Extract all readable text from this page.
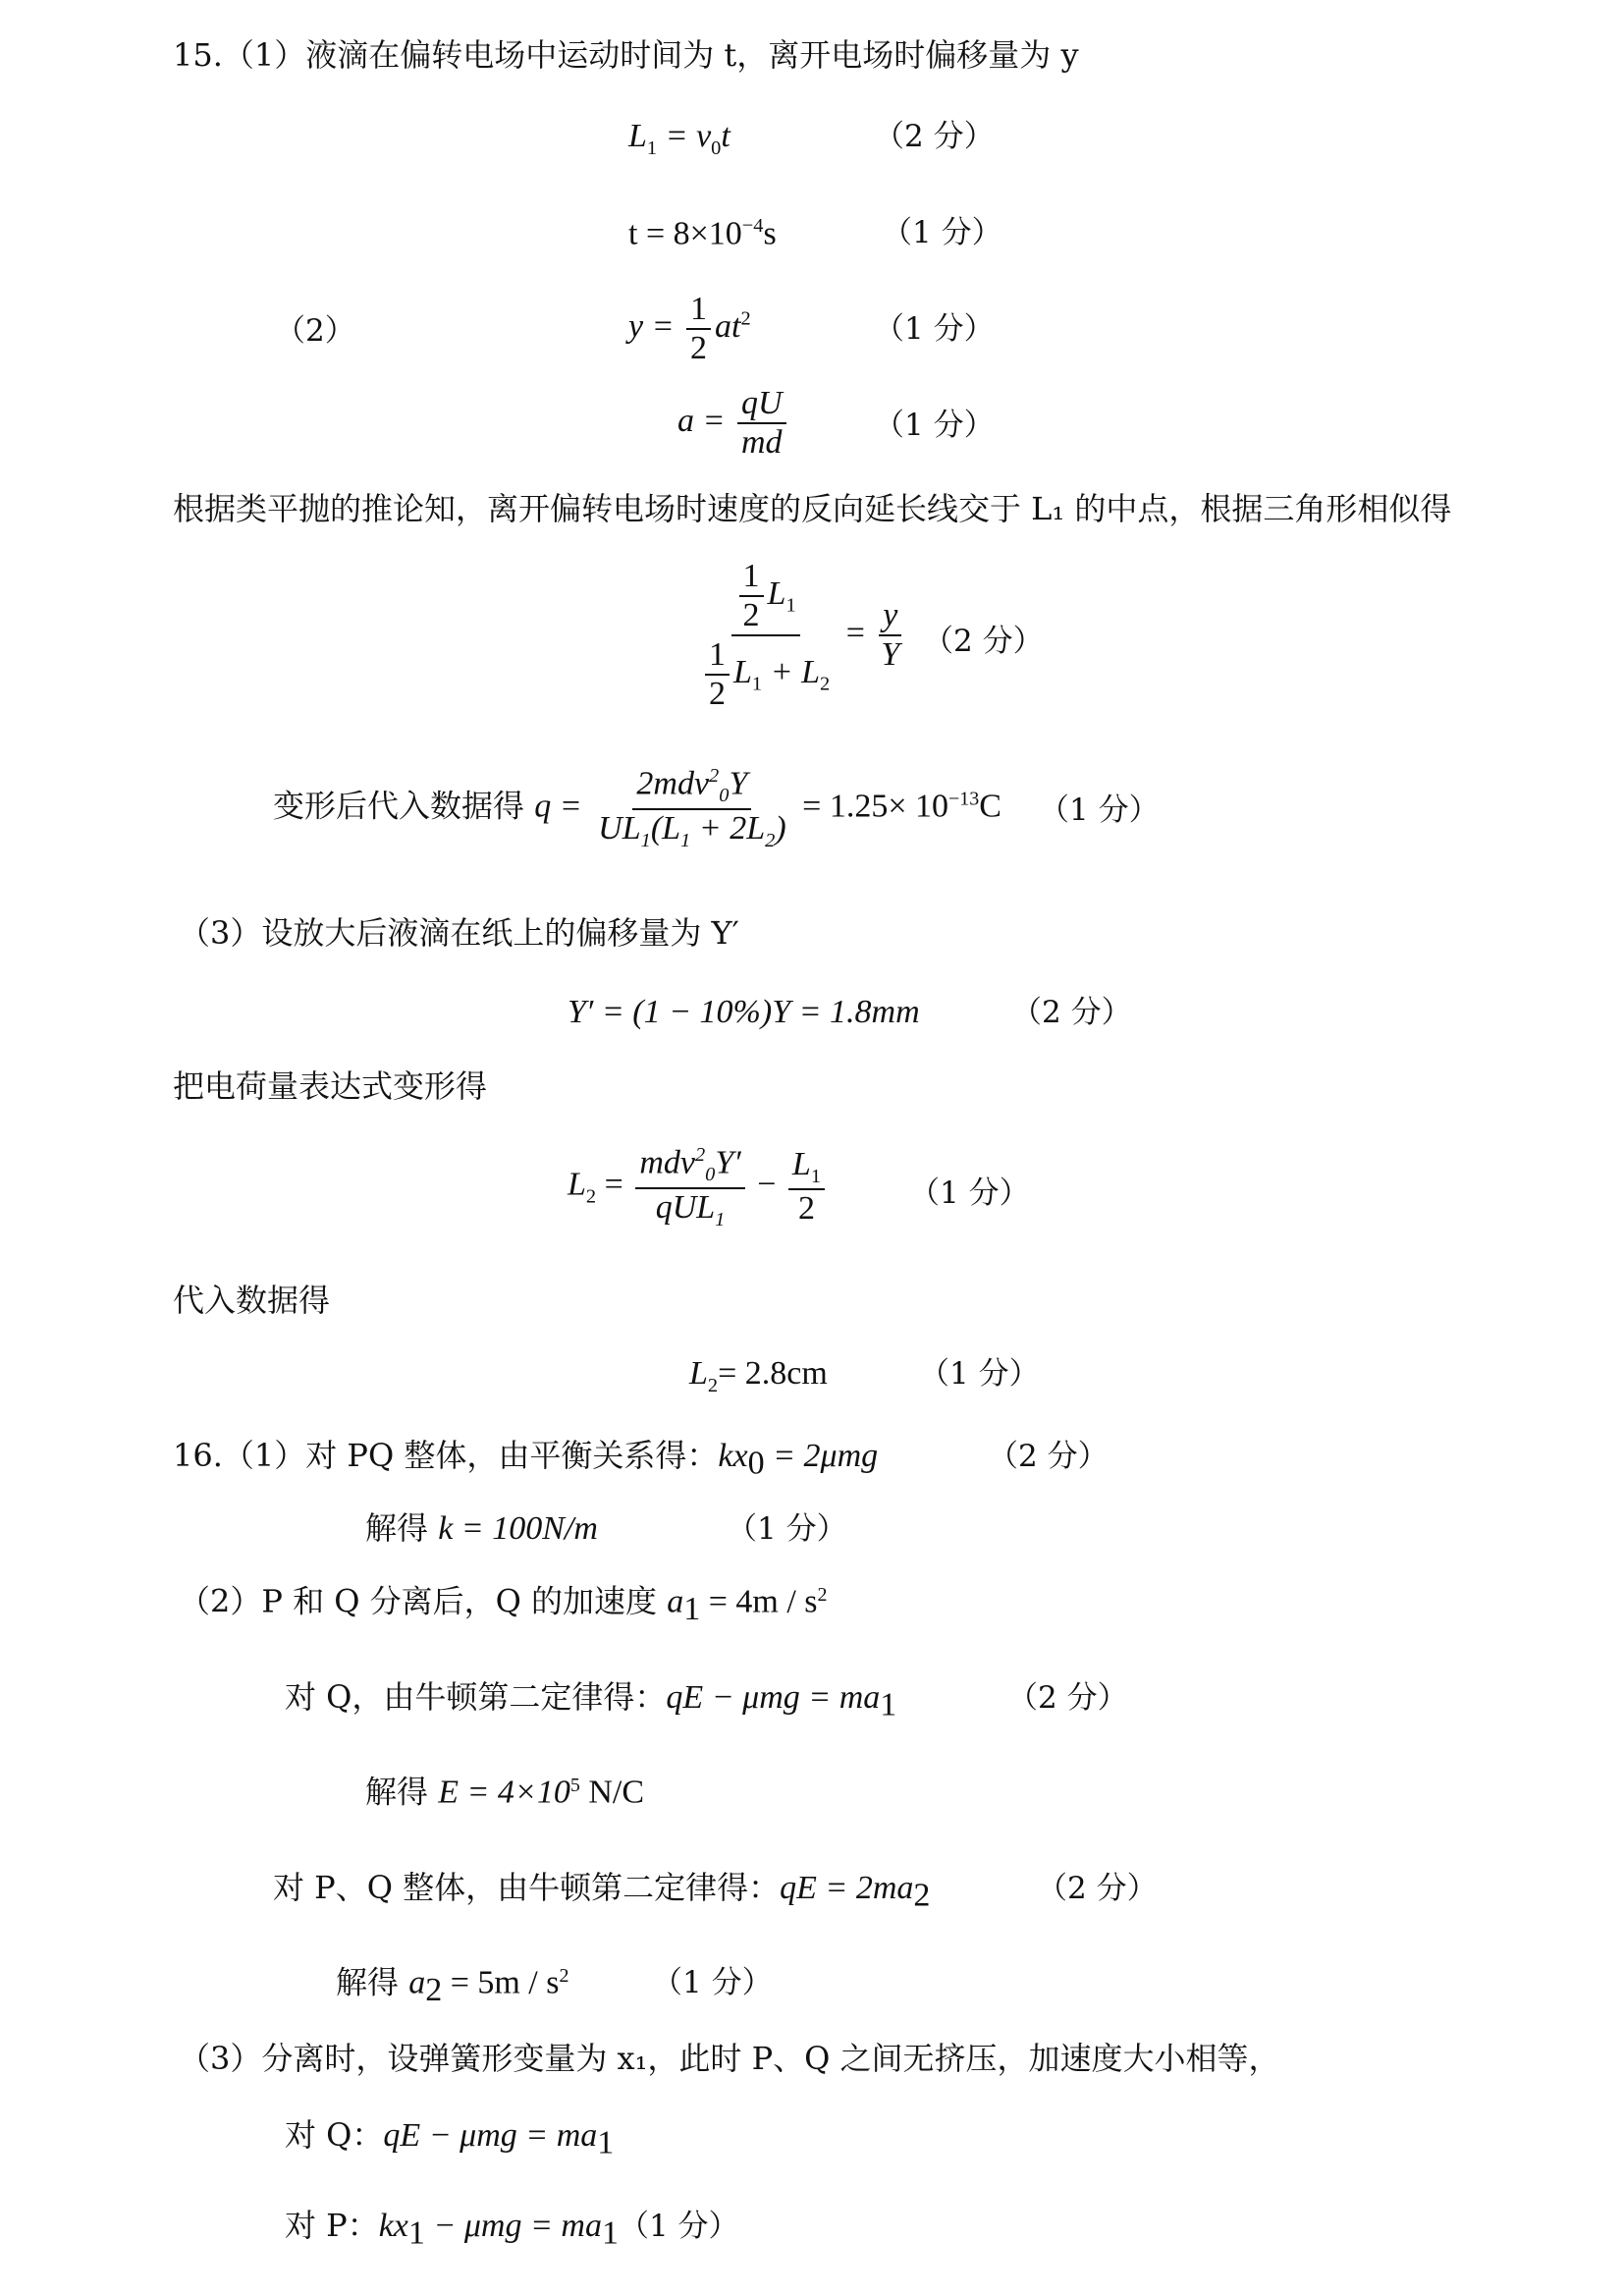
15.（1）液滴在偏转电场中运动时间为 t，离开电场时偏移量为 y
$L_1 = v_0t$	（2 分）
$t = 8\times 10^{-4}s$	（1 分）
（2）	$y = \frac{1}{2} at^2$	（1 分）
$a = \frac{qU}{md}$	（1 分）
根据类平抛的推论知，离开偏转电场时速度的反向延长线交于 L₁ 的中点，根据三角形相似得
$\frac{\frac{1}{2} L_1}{\frac{1}{2} L_1 + L_2} = \frac{y}{Y} (2$ 分）
变形后代入数据得 $q = \frac{2mdv^2_0Y}{UL_1(L_1 + 2L_2)} = 1.25\times 10^{-13}C$ （1 分）
（3）设放大后液滴在纸上的偏移量为 Y′
Y′ = (1 − 10%)Y = 1.8mm	（2 分）
把电荷量表达式变形得
$L_2 = \frac{mdv^2_0Y'}{qUL_1} - \frac{L_1}{2}$	（1 分）
代入数据得
$L_2= 2.8cm$	（1 分）
16.（1）对 PQ 整体，由平衡关系得：$kx_0 = 2\mu mg$	（2 分）
解得 k = 100N/m	（1 分）
（2）P 和 Q 分离后，Q 的加速度 $a_1 = 4m / s^2$
对 Q，由牛顿第二定律得：qE − $\mu mg = ma_1$	（2 分）
解得 $E = 4\times 10^5$ N/C
对 P、Q 整体，由牛顿第二定律得：qE = $2ma_2$	（2 分）
解得 $a_2 = 5m / s^2$	（1 分）
（3）分离时，设弹簧形变量为 x₁，此时 P、Q 之间无挤压，加速度大小相等，
对 Q：qE − $\mu mg = ma_1$
对 P：$kx_1 - \mu mg = ma_1(1$ 分）
